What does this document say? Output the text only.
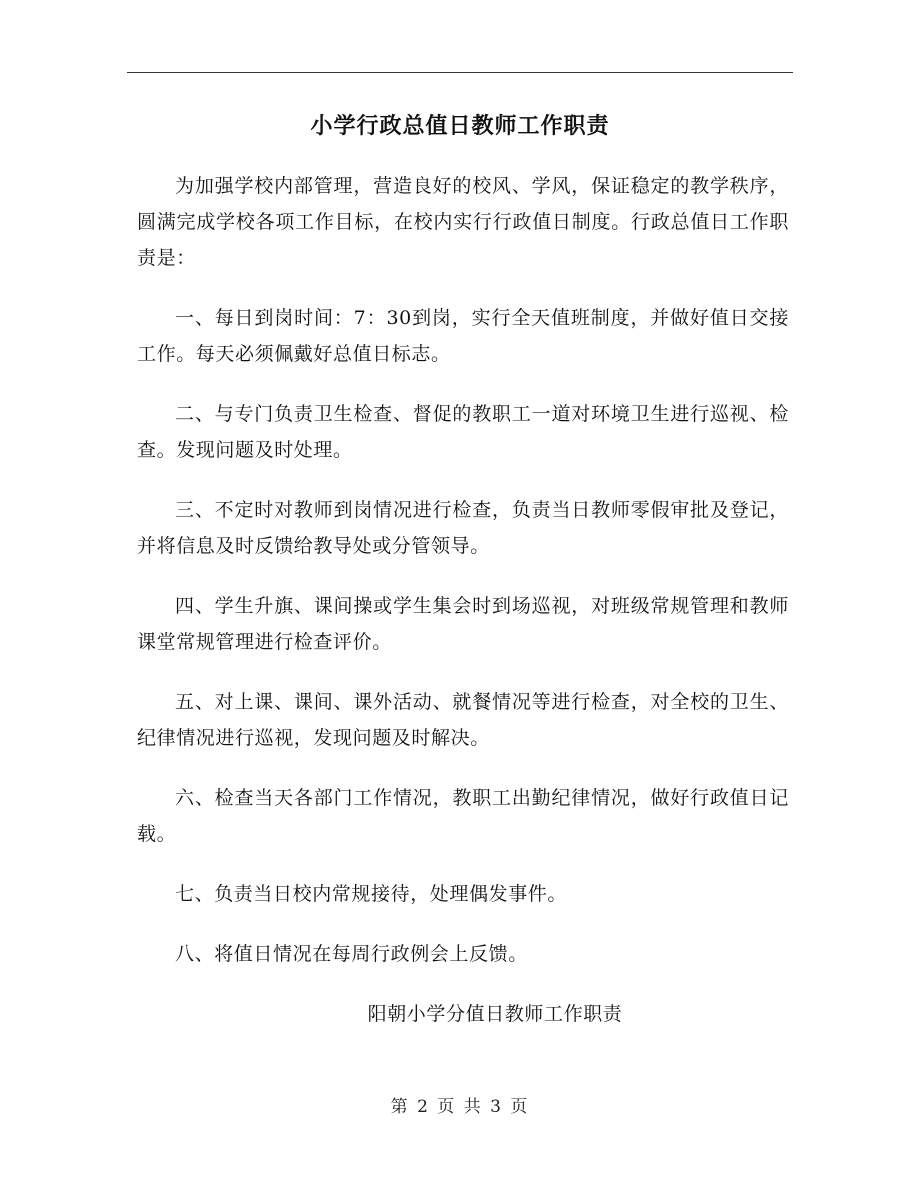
小学行政总值日教师工作职责

为加强学校内部管理，营造良好的校风、学风，保证稳定的教学秩序，圆满完成学校各项工作目标，在校内实行行政值日制度。行政总值日工作职责是：

一、每日到岗时间：7：30到岗，实行全天值班制度，并做好值日交接工作。每天必须佩戴好总值日标志。

二、与专门负责卫生检查、督促的教职工一道对环境卫生进行巡视、检查。发现问题及时处理。

三、不定时对教师到岗情况进行检查，负责当日教师零假审批及登记，并将信息及时反馈给教导处或分管领导。

四、学生升旗、课间操或学生集会时到场巡视，对班级常规管理和教师课堂常规管理进行检查评价。

五、对上课、课间、课外活动、就餐情况等进行检查，对全校的卫生、纪律情况进行巡视，发现问题及时解决。

六、检查当天各部门工作情况，教职工出勤纪律情况，做好行政值日记载。

七、负责当日校内常规接待，处理偶发事件。

八、将值日情况在每周行政例会上反馈。

阳朝小学分值日教师工作职责
第 2 页 共 3 页
